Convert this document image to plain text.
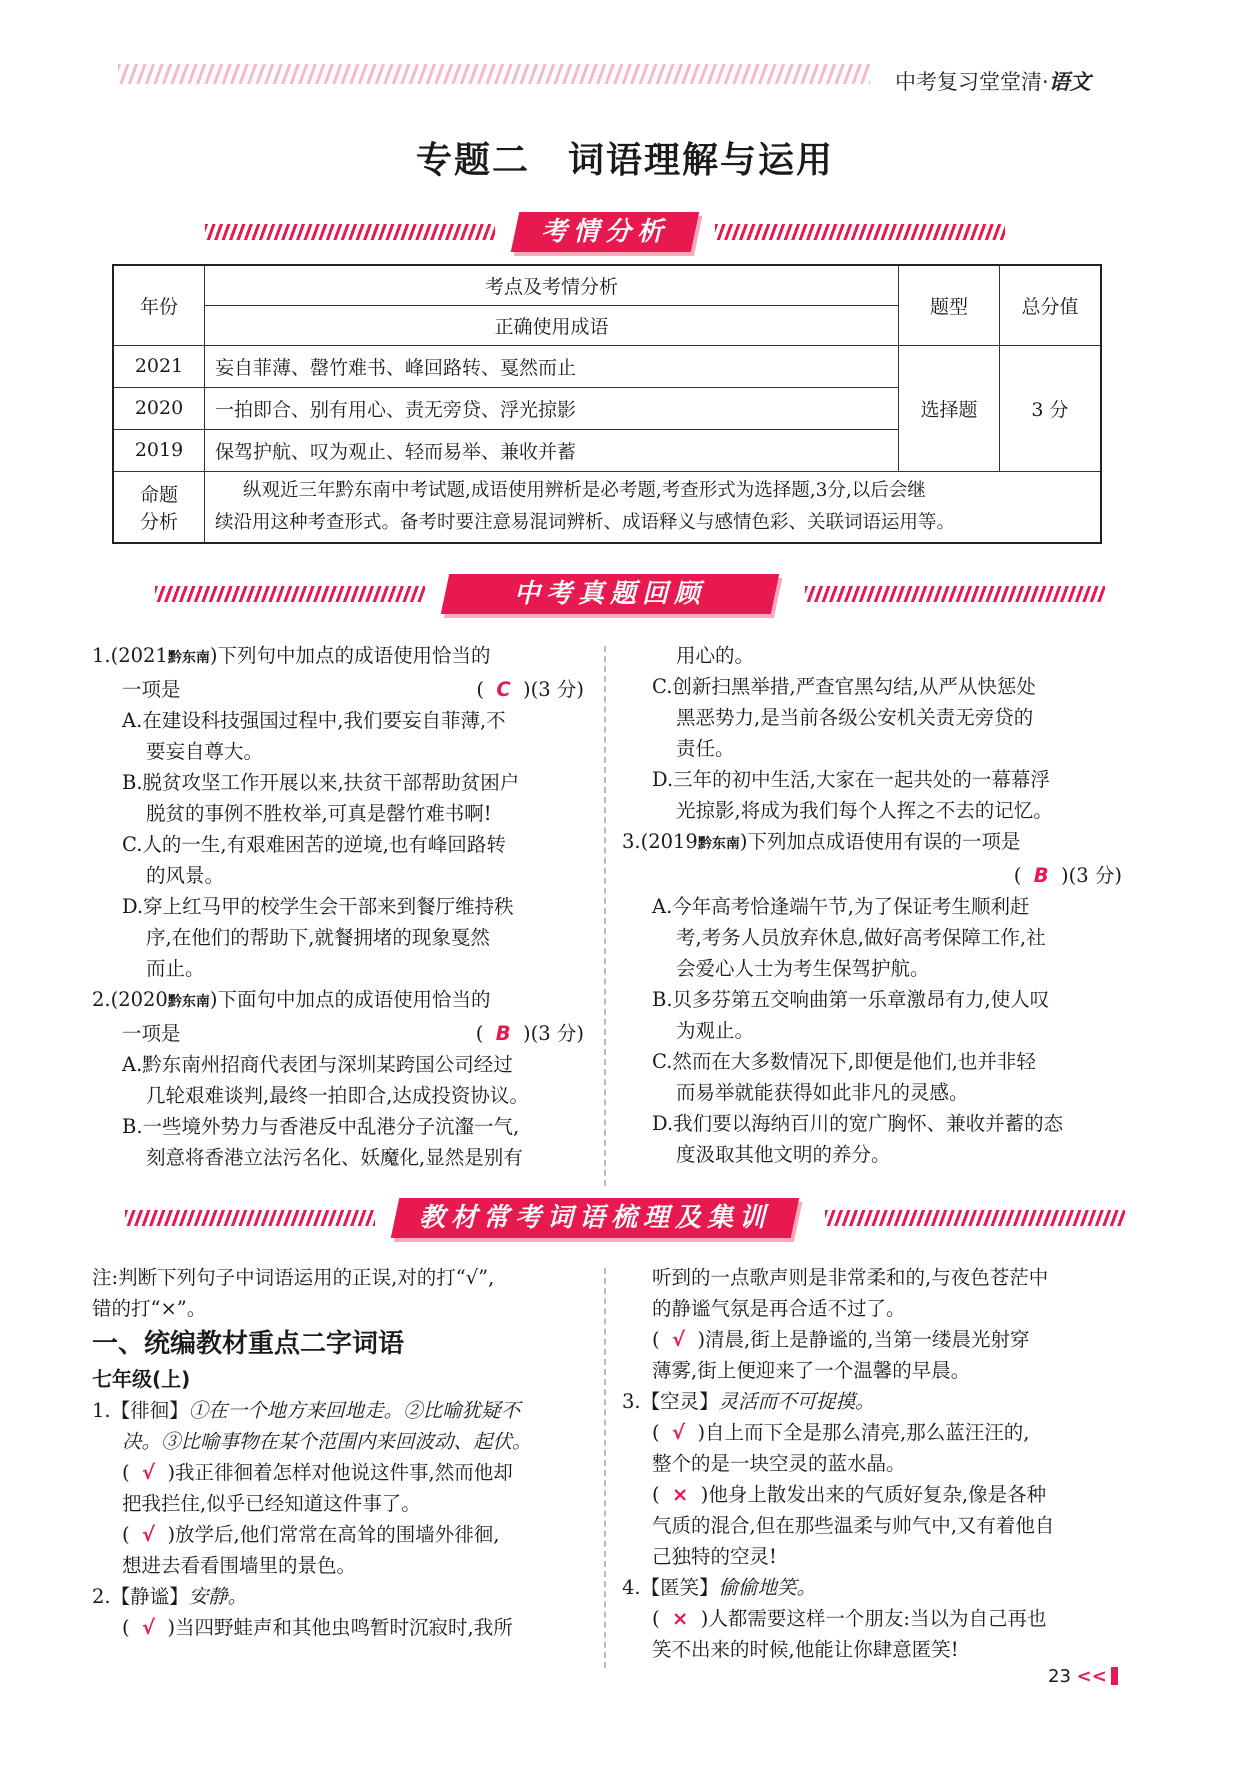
中考复习堂堂清·语文
专题二　词语理解与运用
考情分析
年份	考点及考情分析	题型	总分值
	正确使用成语		
2021	妄自菲薄、罄竹难书、峰回路转、戛然而止	选择题	3 分
2020	一拍即合、别有用心、责无旁贷、浮光掠影		
2019	保驾护航、叹为观止、轻而易举、兼收并蓄		
命题
分析	纵观近三年黔东南中考试题,成语使用辨析是必考题,考查形式为选择题,3分,以后会继
续沿用这种考查形式。备考时要注意易混词辨析、成语释义与感情色彩、关联词语运用等。		
中考真题回顾
1.(2021黔东南)下列句中加点的成语使用恰当的
一项是	(  C  )(3 分)
A.在建设科技强国过程中,我们要妄自菲薄,不
要妄自尊大。
B.脱贫攻坚工作开展以来,扶贫干部帮助贫困户
脱贫的事例不胜枚举,可真是罄竹难书啊!
C.人的一生,有艰难困苦的逆境,也有峰回路转
的风景。
D.穿上红马甲的校学生会干部来到餐厅维持秩
序,在他们的帮助下,就餐拥堵的现象戛然
而止。
2.(2020黔东南)下面句中加点的成语使用恰当的
一项是	(  B  )(3 分)
A.黔东南州招商代表团与深圳某跨国公司经过
几轮艰难谈判,最终一拍即合,达成投资协议。
B.一些境外势力与香港反中乱港分子沆瀣一气,
刻意将香港立法污名化、妖魔化,显然是别有
用心的。
C.创新扫黑举措,严查官黑勾结,从严从快惩处
黑恶势力,是当前各级公安机关责无旁贷的
责任。
D.三年的初中生活,大家在一起共处的一幕幕浮
光掠影,将成为我们每个人挥之不去的记忆。
3.(2019黔东南)下列加点成语使用有误的一项是
(  B  )(3 分)
A.今年高考恰逢端午节,为了保证考生顺利赶
考,考务人员放弃休息,做好高考保障工作,社
会爱心人士为考生保驾护航。
B.贝多芬第五交响曲第一乐章激昂有力,使人叹
为观止。
C.然而在大多数情况下,即便是他们,也并非轻
而易举就能获得如此非凡的灵感。
D.我们要以海纳百川的宽广胸怀、兼收并蓄的态
度汲取其他文明的养分。
教材常考词语梳理及集训
注:判断下列句子中词语运用的正误,对的打“√”,
错的打“×”。
一、统编教材重点二字词语
七年级(上)
1.【徘徊】①在一个地方来回地走。②比喻犹疑不
决。③比喻事物在某个范围内来回波动、起伏。
(  √ )我正徘徊着怎样对他说这件事,然而他却
把我拦住,似乎已经知道这件事了。
(  √ )放学后,他们常常在高耸的围墙外徘徊,
想进去看看围墙里的景色。
2.【静谧】安静。
(  √ )当四野蛙声和其他虫鸣暂时沉寂时,我所
听到的一点歌声则是非常柔和的,与夜色苍茫中
的静谧气氛是再合适不过了。
(  √ )清晨,街上是静谧的,当第一缕晨光射穿
薄雾,街上便迎来了一个温馨的早晨。
3.【空灵】灵活而不可捉摸。
(  √ )自上而下全是那么清亮,那么蓝汪汪的,
整个的是一块空灵的蓝水晶。
(  × )他身上散发出来的气质好复杂,像是各种
气质的混合,但在那些温柔与帅气中,又有着他自
己独特的空灵!
4.【匿笑】偷偷地笑。
(  × )人都需要这样一个朋友:当以为自己再也
笑不出来的时候,他能让你肆意匿笑!
23 <<
